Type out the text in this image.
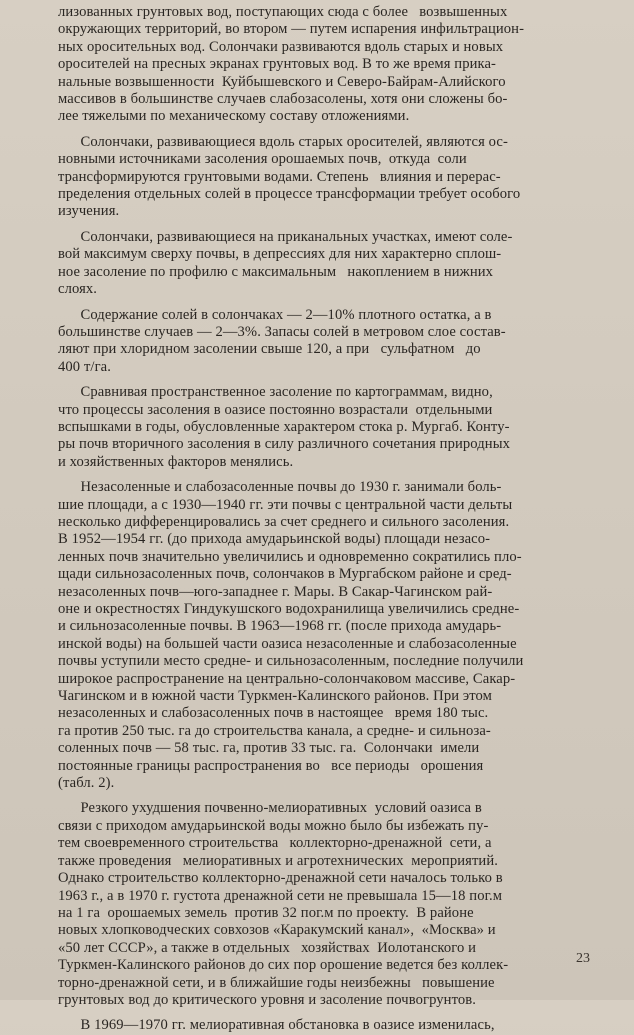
лизованных грунтовых вод, поступающих сюда с более   возвышенных
окружающих территорий, во втором — путем испарения инфильтрацион-
ных оросительных вод. Солончаки развиваются вдоль старых и новых
оросителей на пресных экранах грунтовых вод. В то же время прика-
нальные возвышенности  Куйбышевского и Северо-Байрам-Алийского
массивов в большинстве случаев слабозасолены, хотя они сложены бо-
лее тяжелыми по механическому составу отложениями.

Солончаки, развивающиеся вдоль старых оросителей, являются ос-
новными источниками засоления орошаемых почв,  откуда  соли
трансформируются грунтовыми водами. Степень   влияния и перерас-
пределения отдельных солей в процессе трансформации требует особого
изучения.

Солончаки, развивающиеся на приканальных участках, имеют соле-
вой максимум сверху почвы, в депрессиях для них характерно сплош-
ное засоление по профилю с максимальным   накоплением в нижних
слоях.

Содержание солей в солончаках — 2—10% плотного остатка, а в
большинстве случаев — 2—3%. Запасы солей в метровом слое состав-
ляют при хлоридном засолении свыше 120, а при   сульфатном   до
400 т/га.

Сравнивая пространственное засоление по картограммам, видно,
что процессы засоления в оазисе постоянно возрастали  отдельными
вспышками в годы, обусловленные характером стока р. Мургаб. Конту-
ры почв вторичного засоления в силу различного сочетания природных
и хозяйственных факторов менялись.

Незасоленные и слабозасоленные почвы до 1930 г. занимали боль-
шие площади, а с 1930—1940 гг. эти почвы с центральной части дельты
несколько дифференцировались за счет среднего и сильного засоления.
В 1952—1954 гг. (до прихода амударьинской воды) площади незасо-
ленных почв значительно увеличились и одновременно сократились пло-
щади сильнозасоленных почв, солончаков в Мургабском районе и сред-
незасоленных почв—юго-западнее г. Мары. В Сакар-Чагинском рай-
оне и окрестностях Гиндукушского водохранилища увеличились средне-
и сильнозасоленные почвы. В 1963—1968 гг. (после прихода амударь-
инской воды) на большей части оазиса незасоленные и слабозасоленные
почвы уступили место средне- и сильнозасоленным, последние получили
широкое распространение на центрально-солончаковом массиве, Сакар-
Чагинском и в южной части Туркмен-Калинского районов. При этом
незасоленных и слабозасоленных почв в настоящее   время 180 тыс.
га против 250 тыс. га до строительства канала, а средне- и сильноза-
соленных почв — 58 тыс. га, против 33 тыс. га.  Солончаки  имели
постоянные границы распространения во   все периоды   орошения
(табл. 2).

Резкого ухудшения почвенно-мелиоративных  условий оазиса в
связи с приходом амударьинской воды можно было бы избежать пу-
тем своевременного строительства   коллекторно-дренажной  сети, а
также проведения   мелиоративных и агротехнических  мероприятий.
Однако строительство коллекторно-дренажной сети началось только в
1963 г., а в 1970 г. густота дренажной сети не превышала 15—18 пог.м
на 1 га  орошаемых земель  против 32 пог.м по проекту.  В районе
новых хлопководческих совхозов «Каракумский канал»,  «Москва» и
«50 лет СССР», а также в отдельных   хозяйствах  Иолотанского и
Туркмен-Калинского районов до сих пор орошение ведется без коллек-
торно-дренажной сети, и в ближайшие годы неизбежны   повышение
грунтовых вод до критического уровня и засоление почвогрунтов.

В 1969—1970 гг. мелиоративная обстановка в оазисе изменилась,

23
